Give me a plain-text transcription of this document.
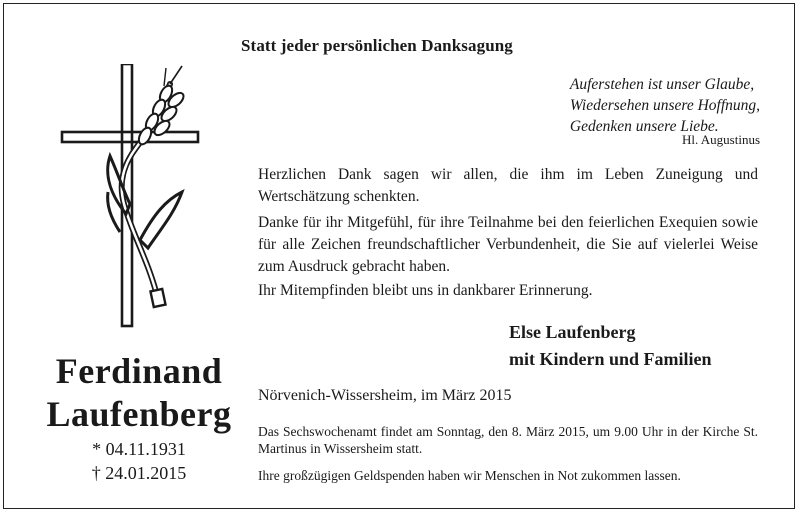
Statt jeder persönlichen Danksagung
Auferstehen ist unser Glaube,
Wiedersehen unsere Hoffnung,
Gedenken unsere Liebe.
Hl. Augustinus
Herzlichen Dank sagen wir allen, die ihm im Leben Zuneigung und Wertschätzung schenkten.
Danke für ihr Mitgefühl, für ihre Teilnahme bei den feierlichen Exequien sowie für alle Zeichen freundschaftlicher Verbundenheit, die Sie auf vielerlei Weise zum Ausdruck gebracht haben.
Ihr Mitempfinden bleibt uns in dankbarer Erinnerung.
Else Laufenberg
mit Kindern und Familien
Nörvenich-Wissersheim, im März 2015
Das Sechswochenamt findet am Sonntag, den 8. März 2015, um 9.00 Uhr in der Kirche St. Martinus in Wissersheim statt.
Ihre großzügigen Geldspenden haben wir Menschen in Not zukommen lassen.
Ferdinand
Laufenberg
* 04.11.1931
† 24.01.2015
